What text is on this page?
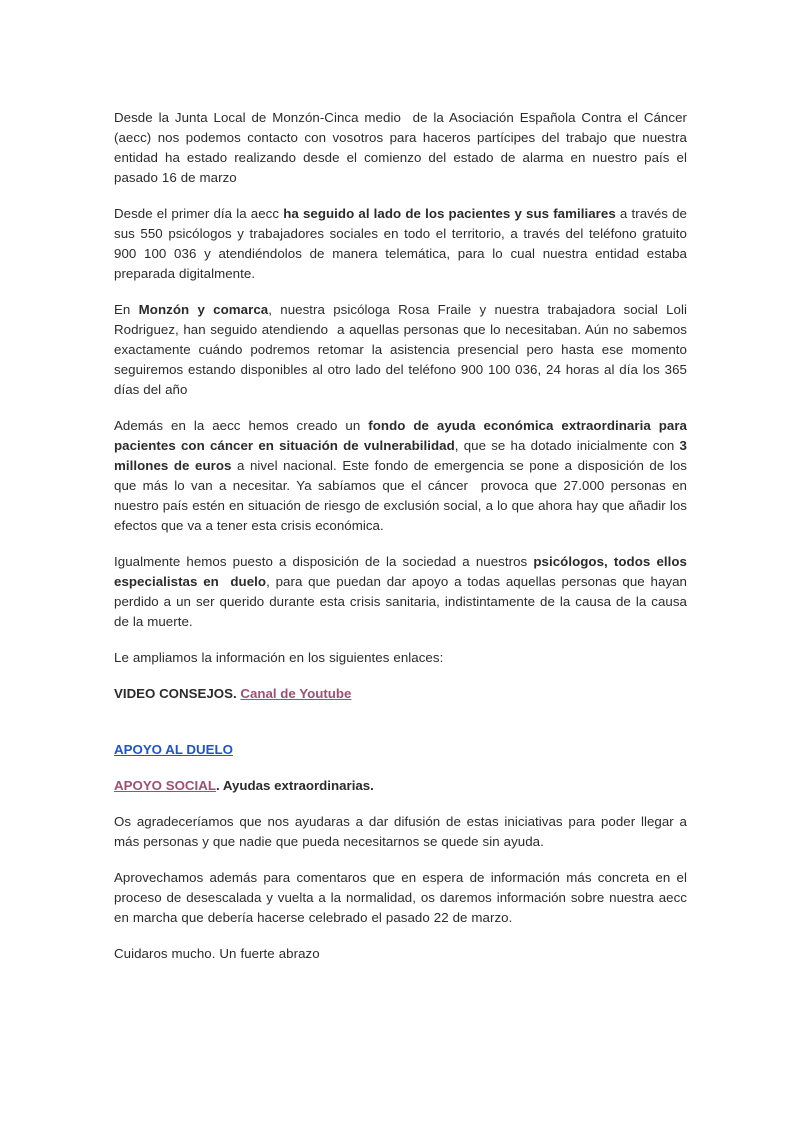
Desde la Junta Local de Monzón-Cinca medio  de la Asociación Española Contra el Cáncer (aecc) nos podemos contacto con vosotros para haceros partícipes del trabajo que nuestra entidad ha estado realizando desde el comienzo del estado de alarma en nuestro país el pasado 16 de marzo

Desde el primer día la aecc ha seguido al lado de los pacientes y sus familiares a través de sus 550 psicólogos y trabajadores sociales en todo el territorio, a través del teléfono gratuito 900 100 036 y atendiéndolos de manera telemática, para lo cual nuestra entidad estaba preparada digitalmente.

En Monzón y comarca, nuestra psicóloga Rosa Fraile y nuestra trabajadora social Loli Rodriguez, han seguido atendiendo  a aquellas personas que lo necesitaban. Aún no sabemos exactamente cuándo podremos retomar la asistencia presencial pero hasta ese momento seguiremos estando disponibles al otro lado del teléfono 900 100 036, 24 horas al día los 365 días del año

Además en la aecc hemos creado un fondo de ayuda económica extraordinaria para pacientes con cáncer en situación de vulnerabilidad, que se ha dotado inicialmente con 3 millones de euros a nivel nacional. Este fondo de emergencia se pone a disposición de los que más lo van a necesitar. Ya sabíamos que el cáncer  provoca que 27.000 personas en nuestro país estén en situación de riesgo de exclusión social, a lo que ahora hay que añadir los efectos que va a tener esta crisis económica.

Igualmente hemos puesto a disposición de la sociedad a nuestros psicólogos, todos ellos especialistas en  duelo, para que puedan dar apoyo a todas aquellas personas que hayan perdido a un ser querido durante esta crisis sanitaria, indistintamente de la causa de la causa de la muerte.

Le ampliamos la información en los siguientes enlaces:

VIDEO CONSEJOS. Canal de Youtube

APOYO AL DUELO

APOYO SOCIAL. Ayudas extraordinarias.

Os agradeceríamos que nos ayudaras a dar difusión de estas iniciativas para poder llegar a más personas y que nadie que pueda necesitarnos se quede sin ayuda.

Aprovechamos además para comentaros que en espera de información más concreta en el proceso de desescalada y vuelta a la normalidad, os daremos información sobre nuestra aecc en marcha que debería hacerse celebrado el pasado 22 de marzo.

Cuidaros mucho. Un fuerte abrazo
